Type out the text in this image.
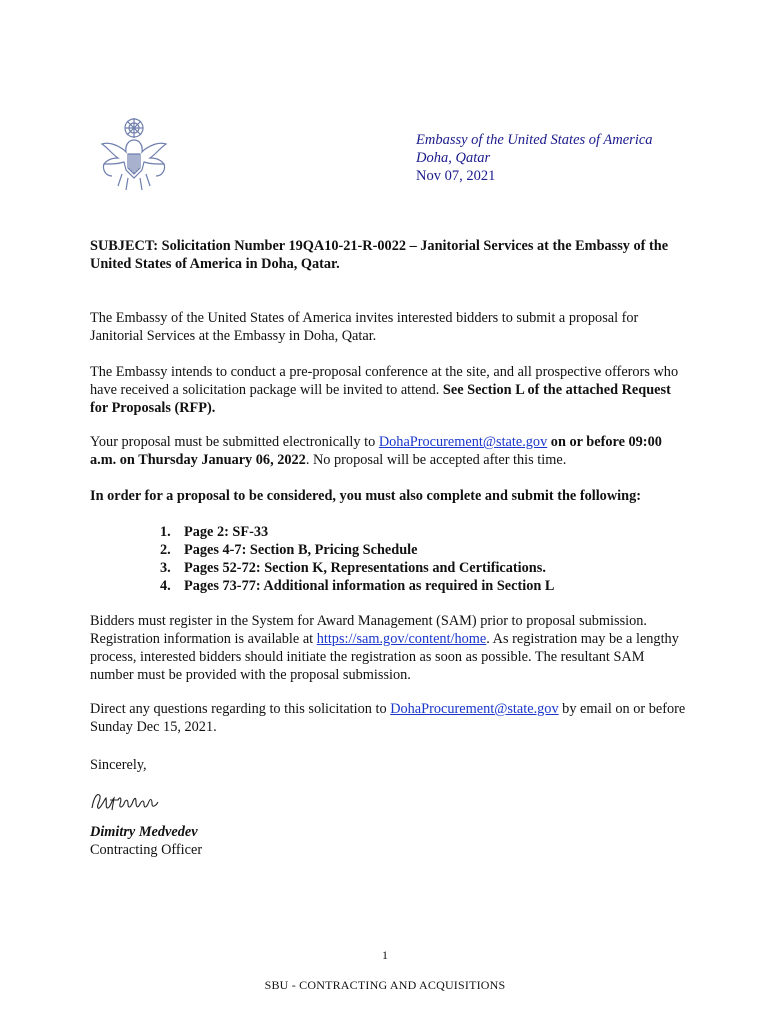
Embassy of the United States of America
Doha, Qatar
Nov 07, 2021
SUBJECT: Solicitation Number 19QA10-21-R-0022 – Janitorial Services at the Embassy of the United States of America in Doha, Qatar.
The Embassy of the United States of America invites interested bidders to submit a proposal for Janitorial Services at the Embassy in Doha, Qatar.
The Embassy intends to conduct a pre-proposal conference at the site, and all prospective offerors who have received a solicitation package will be invited to attend. See Section L of the attached Request for Proposals (RFP).
Your proposal must be submitted electronically to DohaProcurement@state.gov on or before 09:00 a.m. on Thursday January 06, 2022. No proposal will be accepted after this time.
In order for a proposal to be considered, you must also complete and submit the following:
1. Page 2: SF-33
2. Pages 4-7: Section B, Pricing Schedule
3. Pages 52-72: Section K, Representations and Certifications.
4. Pages 73-77: Additional information as required in Section L
Bidders must register in the System for Award Management (SAM) prior to proposal submission. Registration information is available at https://sam.gov/content/home. As registration may be a lengthy process, interested bidders should initiate the registration as soon as possible. The resultant SAM number must be provided with the proposal submission.
Direct any questions regarding to this solicitation to DohaProcurement@state.gov by email on or before Sunday Dec 15, 2021.
Sincerely,
Dimitry Medvedev
Contracting Officer
1
SBU - CONTRACTING AND ACQUISITIONS
